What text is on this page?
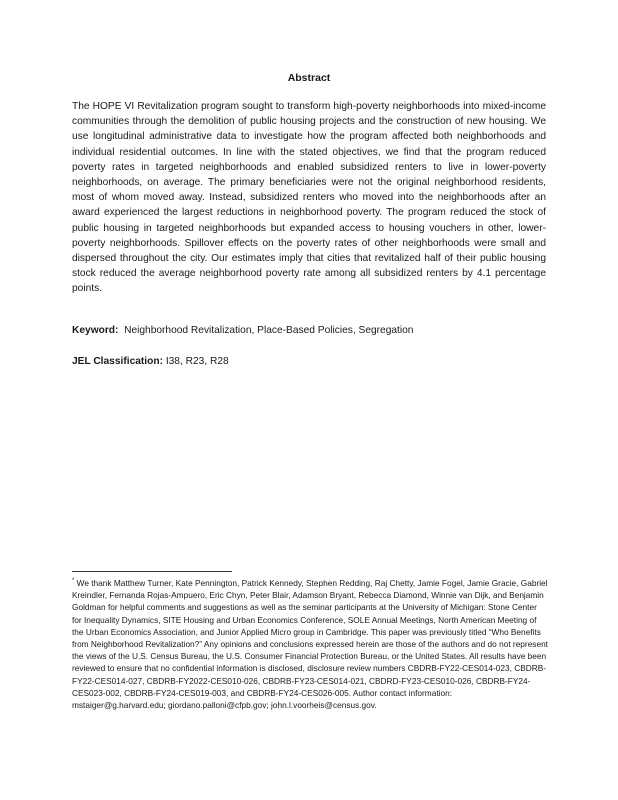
Abstract

The HOPE VI Revitalization program sought to transform high-poverty neighborhoods into mixed-income communities through the demolition of public housing projects and the construction of new housing. We use longitudinal administrative data to investigate how the program affected both neighborhoods and individual residential outcomes. In line with the stated objectives, we find that the program reduced poverty rates in targeted neighborhoods and enabled subsidized renters to live in lower-poverty neighborhoods, on average. The primary beneficiaries were not the original neighborhood residents, most of whom moved away. Instead, subsidized renters who moved into the neighborhoods after an award experienced the largest reductions in neighborhood poverty. The program reduced the stock of public housing in targeted neighborhoods but expanded access to housing vouchers in other, lower-poverty neighborhoods. Spillover effects on the poverty rates of other neighborhoods were small and dispersed throughout the city. Our estimates imply that cities that revitalized half of their public housing stock reduced the average neighborhood poverty rate among all subsidized renters by 4.1 percentage points.

Keyword: Neighborhood Revitalization, Place-Based Policies, Segregation

JEL Classification: I38, R23, R28

* We thank Matthew Turner, Kate Pennington, Patrick Kennedy, Stephen Redding, Raj Chetty, Jamie Fogel, Jamie Gracie, Gabriel Kreindler, Fernanda Rojas-Ampuero, Eric Chyn, Peter Blair, Adamson Bryant, Rebecca Diamond, Winnie van Dijk, and Benjamin Goldman for helpful comments and suggestions as well as the seminar participants at the University of Michigan: Stone Center for Inequality Dynamics, SITE Housing and Urban Economics Conference, SOLE Annual Meetings, North American Meeting of the Urban Economics Association, and Junior Applied Micro group in Cambridge. This paper was previously titled “Who Benefits from Neighborhood Revitalization?” Any opinions and conclusions expressed herein are those of the authors and do not represent the views of the U.S. Census Bureau, the U.S. Consumer Financial Protection Bureau, or the United States. All results have been reviewed to ensure that no confidential information is disclosed, disclosure review numbers CBDRB-FY22-CES014-023, CBDRB-FY22-CES014-027, CBDRB-FY2022-CES010-026, CBDRB-FY23-CES014-021, CBDRD-FY23-CES010-026, CBDRB-FY24-CES023-002, CBDRB-FY24-CES019-003, and CBDRB-FY24-CES026-005. Author contact information: mstaiger@g.harvard.edu; giordano.palloni@cfpb.gov; john.l.voorheis@census.gov.
